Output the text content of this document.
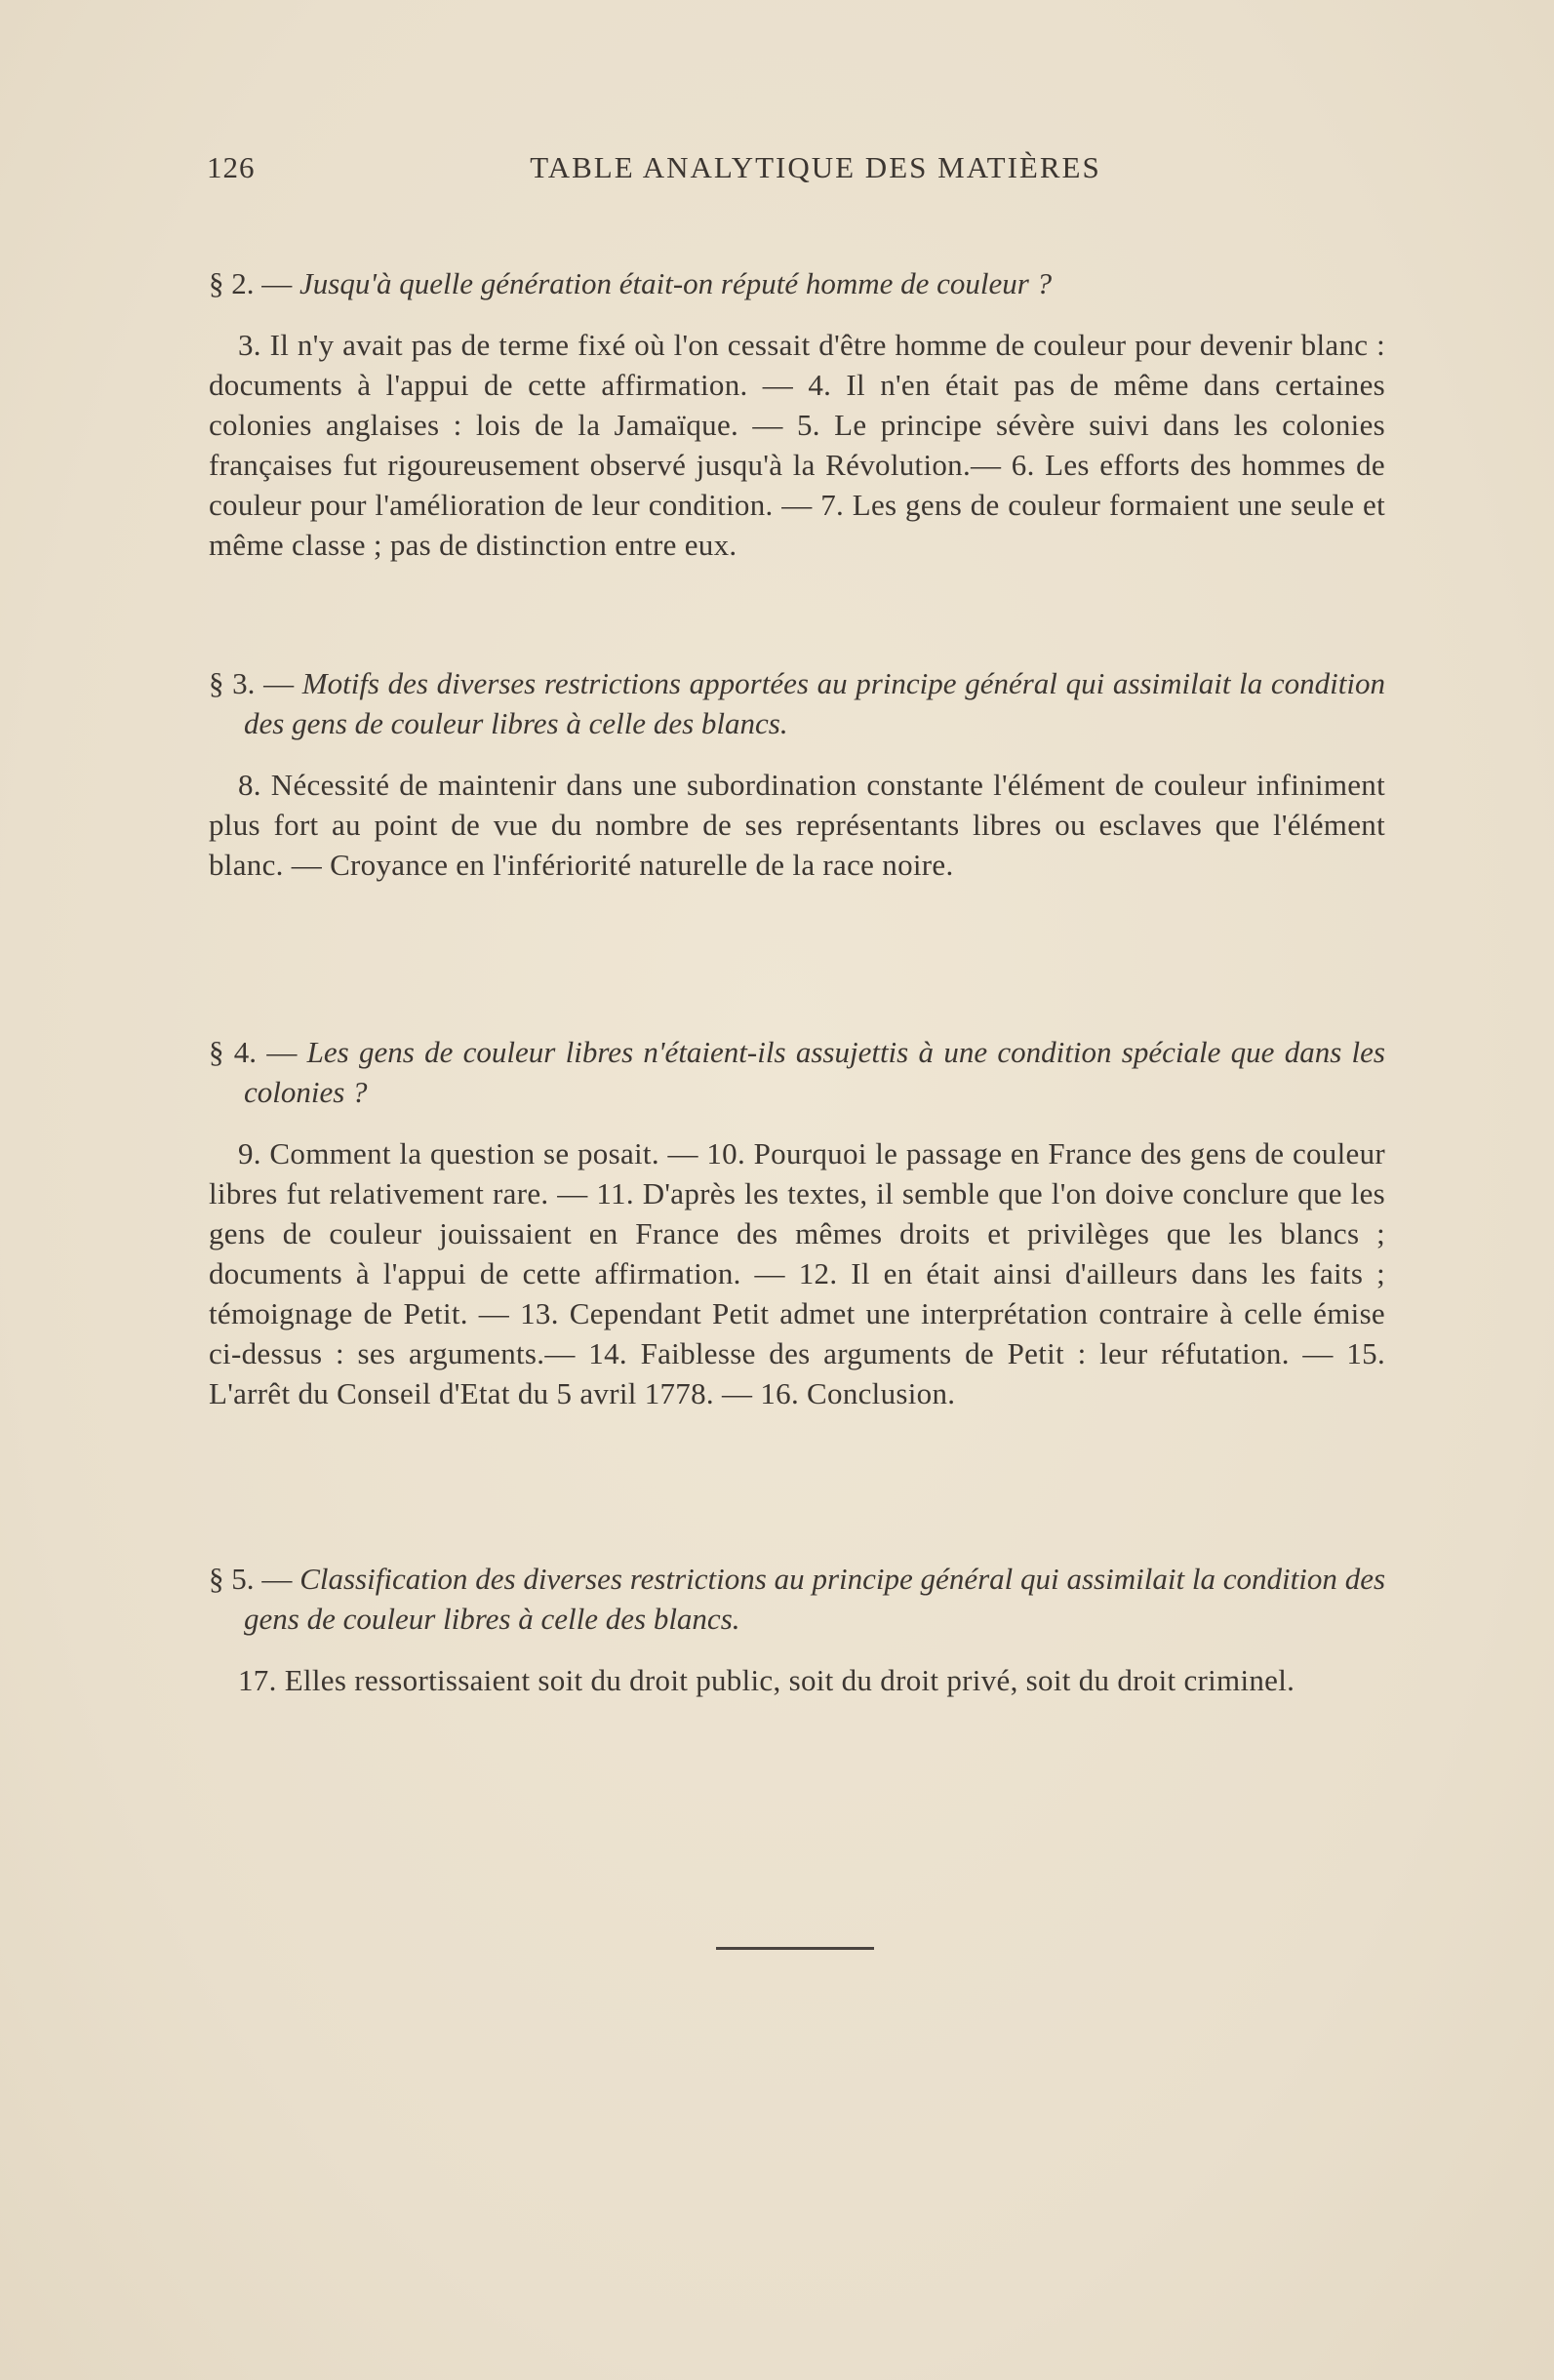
126	TABLE ANALYTIQUE DES MATIÈRES

§ 2. — Jusqu'à quelle génération était-on réputé homme de couleur ?

3. Il n'y avait pas de terme fixé où l'on cessait d'être homme de couleur pour devenir blanc : documents à l'appui de cette affirmation. — 4. Il n'en était pas de même dans certaines colonies anglaises : lois de la Jamaïque. — 5. Le principe sévère suivi dans les colonies françaises fut rigoureusement observé jusqu'à la Révolution.— 6. Les efforts des hommes de couleur pour l'amélioration de leur condition. — 7. Les gens de couleur formaient une seule et même classe ; pas de distinction entre eux.

§ 3. — Motifs des diverses restrictions apportées au principe général qui assimilait la condition des gens de couleur libres à celle des blancs.

8. Nécessité de maintenir dans une subordination constante l'élément de couleur infiniment plus fort au point de vue du nombre de ses représentants libres ou esclaves que l'élément blanc. — Croyance en l'infériorité naturelle de la race noire.

§ 4. — Les gens de couleur libres n'étaient-ils assujettis à une condition spéciale que dans les colonies ?

9. Comment la question se posait. — 10. Pourquoi le passage en France des gens de couleur libres fut relativement rare. — 11. D'après les textes, il semble que l'on doive conclure que les gens de couleur jouissaient en France des mêmes droits et privilèges que les blancs ; documents à l'appui de cette affirmation. — 12. Il en était ainsi d'ailleurs dans les faits ; témoignage de Petit. — 13. Cependant Petit admet une interprétation contraire à celle émise ci-dessus : ses arguments.— 14. Faiblesse des arguments de Petit : leur réfutation. — 15. L'arrêt du Conseil d'Etat du 5 avril 1778. — 16. Conclusion.

§ 5. — Classification des diverses restrictions au principe général qui assimilait la condition des gens de couleur libres à celle des blancs.

17. Elles ressortissaient soit du droit public, soit du droit privé, soit du droit criminel.
